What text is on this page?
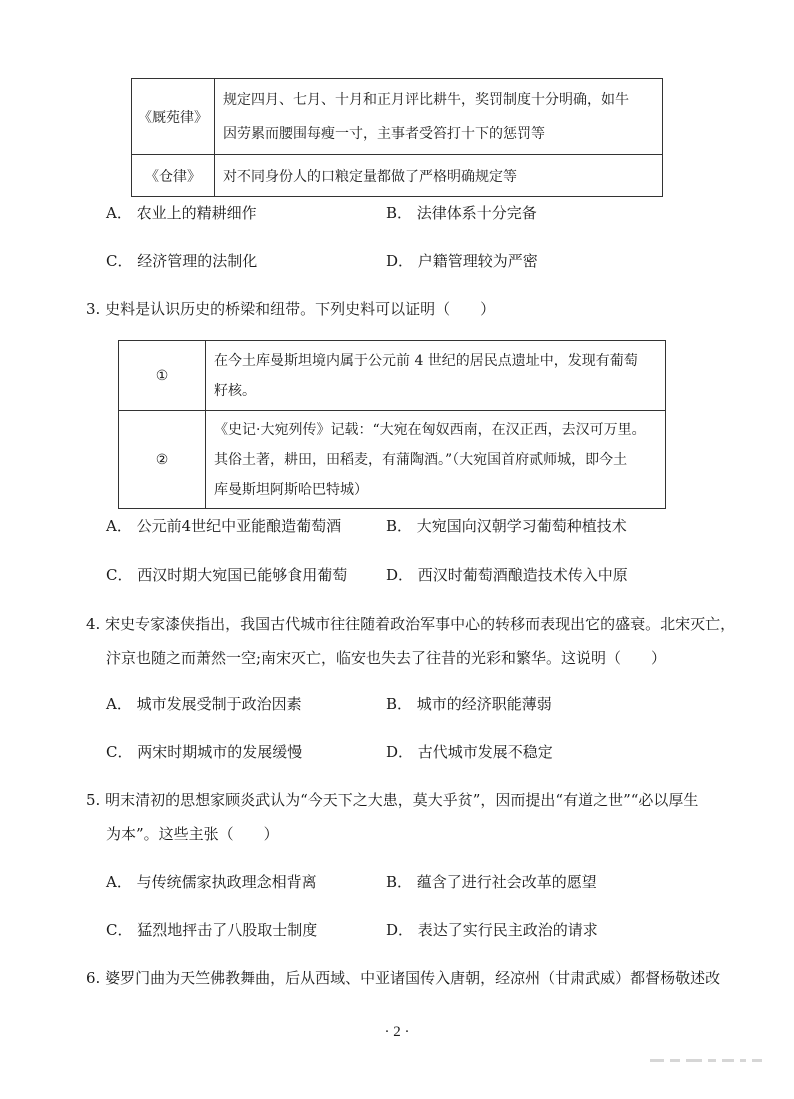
《厩苑律》	规定四月、七月、十月和正月评比耕牛，奖罚制度十分明确，如牛
因劳累而腰围每瘦一寸，主事者受笞打十下的惩罚等

《仓律》	对不同身份人的口粮定量都做了严格明确规定等
A． 农业上的精耕细作	B． 法律体系十分完备
C． 经济管理的法制化	D． 户籍管理较为严密
3. 史料是认识历史的桥梁和纽带。下列史料可以证明（　　）
①	在今土库曼斯坦境内属于公元前 4 世纪的居民点遗址中，发现有葡萄
籽核。

②	《史记·大宛列传》记载：“大宛在匈奴西南，在汉正西，去汉可万里。
其俗土著，耕田，田稻麦，有蒲陶酒。”（大宛国首府贰师城，即今土
库曼斯坦阿斯哈巴特城）
A． 公元前4世纪中亚能酿造葡萄酒	B． 大宛国向汉朝学习葡萄种植技术
C． 西汉时期大宛国已能够食用葡萄	D． 西汉时葡萄酒酿造技术传入中原
4. 宋史专家漆侠指出，我国古代城市往往随着政治军事中心的转移而表现出它的盛衰。北宋灭亡，
汴京也随之而萧然一空;南宋灭亡，临安也失去了往昔的光彩和繁华。这说明（　　）
A． 城市发展受制于政治因素	B． 城市的经济职能薄弱
C． 两宋时期城市的发展缓慢	D． 古代城市发展不稳定
5. 明末清初的思想家顾炎武认为“今天下之大患，莫大乎贫”，因而提出“有道之世”“必以厚生
为本”。这些主张（　　）
A． 与传统儒家执政理念相背离	B． 蕴含了进行社会改革的愿望
C． 猛烈地抨击了八股取士制度	D． 表达了实行民主政治的请求
6. 婆罗门曲为天竺佛教舞曲，后从西域、中亚诸国传入唐朝，经凉州（甘肃武威）都督杨敬述改
· 2 ·
